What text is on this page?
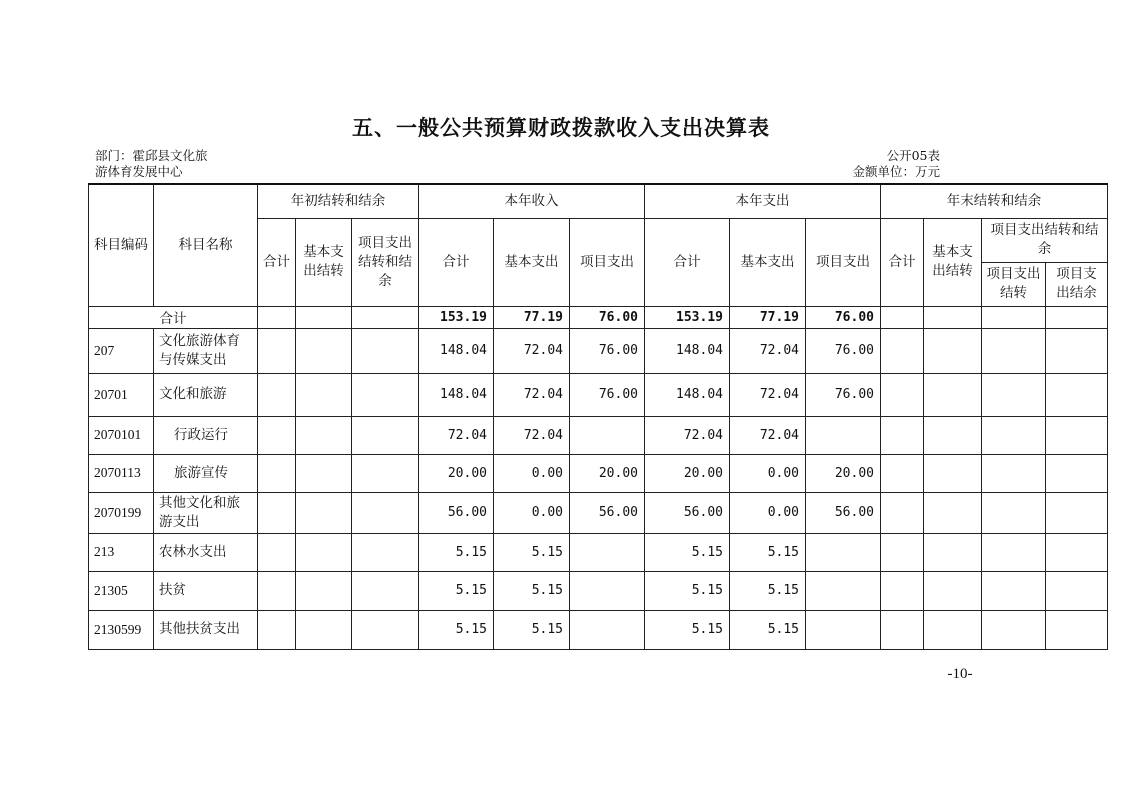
五、一般公共预算财政拨款收入支出决算表
部门：霍邱县文化旅
游体育发展中心
公开05表
金额单位：万元
科目编码	科目名称	年初结转和结余			本年收入			本年支出			年末结转和结余			
		合计	基本支出结转	项目支出结转和结余	合计	基本支出	项目支出	合计	基本支出	项目支出	合计	基本支出结转	项目支出结转和结余	
													项目支出结转	项目支出结余
合计					153.19	77.19	76.00	153.19	77.19	76.00				
207	文化旅游体育与传媒支出				148.04	72.04	76.00	148.04	72.04	76.00				
20701	文化和旅游				148.04	72.04	76.00	148.04	72.04	76.00				
2070101	行政运行				72.04	72.04		72.04	72.04					
2070113	旅游宣传				20.00	0.00	20.00	20.00	0.00	20.00				
2070199	其他文化和旅游支出				56.00	0.00	56.00	56.00	0.00	56.00				
213	农林水支出				5.15	5.15		5.15	5.15					
21305	扶贫				5.15	5.15		5.15	5.15					
2130599	其他扶贫支出				5.15	5.15		5.15	5.15					
-10-
